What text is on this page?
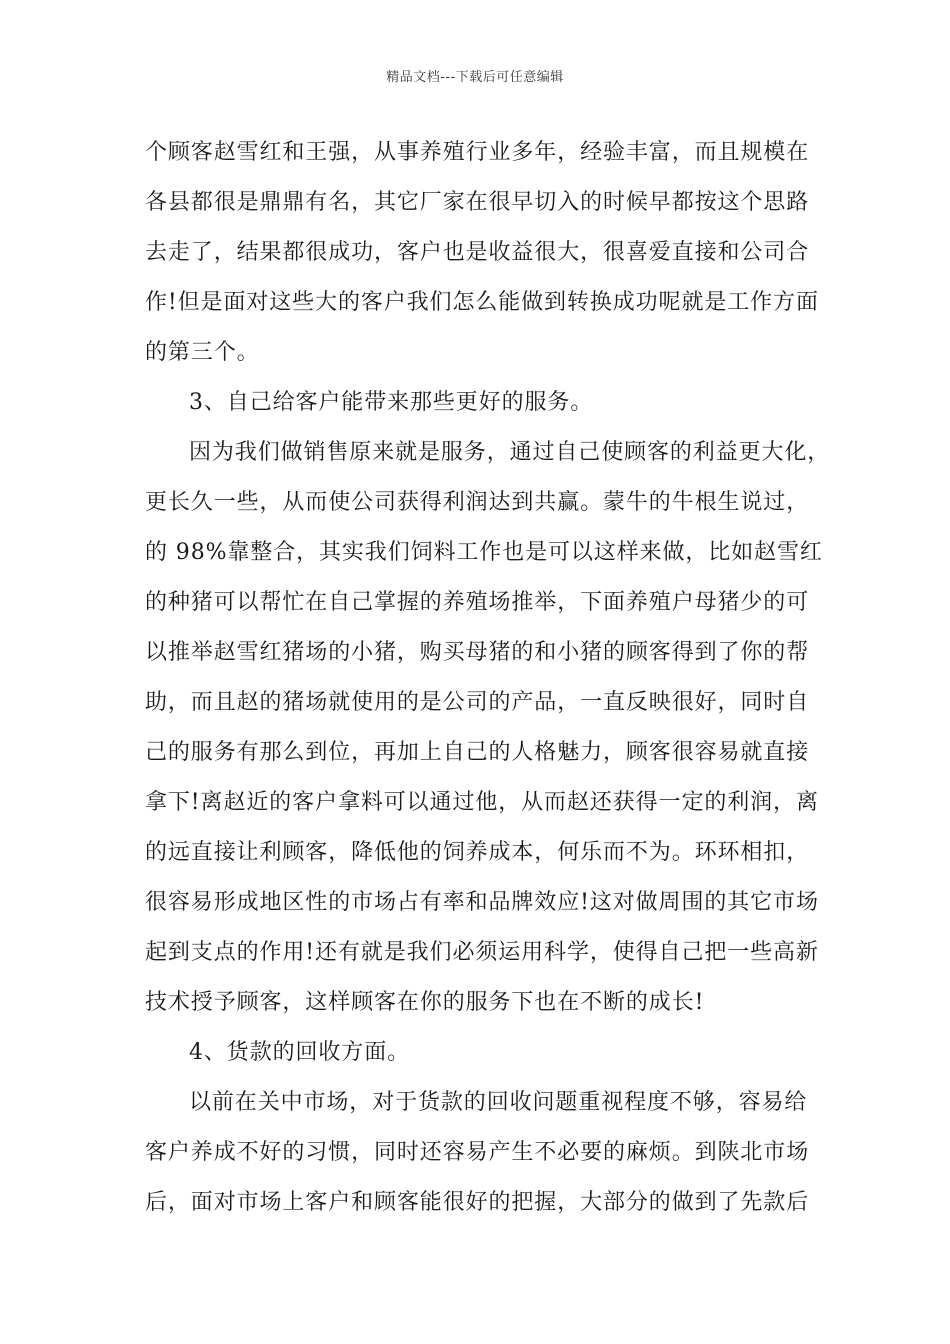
精品文档---下载后可任意编辑
个顾客赵雪红和王强，从事养殖行业多年，经验丰富，而且规模在
各县都很是鼎鼎有名，其它厂家在很早切入的时候早都按这个思路
去走了，结果都很成功，客户也是收益很大，很喜爱直接和公司合
作!但是面对这些大的客户我们怎么能做到转换成功呢就是工作方面
的第三个。
3、自己给客户能带来那些更好的服务。
因为我们做销售原来就是服务，通过自己使顾客的利益更大化，
更长久一些，从而使公司获得利润达到共赢。蒙牛的牛根生说过，
的 98%靠整合，其实我们饲料工作也是可以这样来做，比如赵雪红
的种猪可以帮忙在自己掌握的养殖场推举，下面养殖户母猪少的可
以推举赵雪红猪场的小猪，购买母猪的和小猪的顾客得到了你的帮
助，而且赵的猪场就使用的是公司的产品，一直反映很好，同时自
己的服务有那么到位，再加上自己的人格魅力，顾客很容易就直接
拿下!离赵近的客户拿料可以通过他，从而赵还获得一定的利润，离
的远直接让利顾客，降低他的饲养成本，何乐而不为。环环相扣，
很容易形成地区性的市场占有率和品牌效应!这对做周围的其它市场
起到支点的作用!还有就是我们必须运用科学，使得自己把一些高新
技术授予顾客，这样顾客在你的服务下也在不断的成长!
4、货款的回收方面。
以前在关中市场，对于货款的回收问题重视程度不够，容易给
客户养成不好的习惯，同时还容易产生不必要的麻烦。到陕北市场
后，面对市场上客户和顾客能很好的把握，大部分的做到了先款后
